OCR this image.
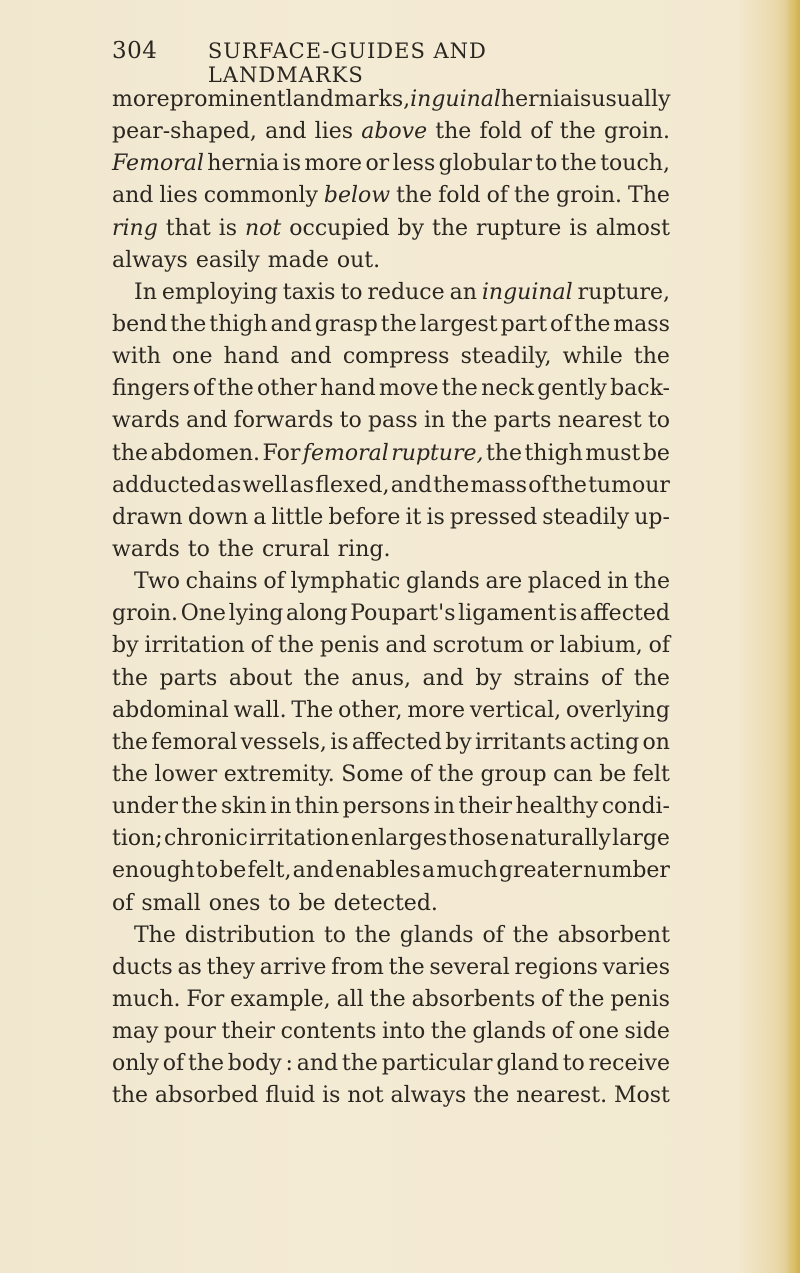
304	SURFACE-GUIDES AND LANDMARKS
more prominent landmarks, inguinal hernia is usually
pear-shaped, and lies above the fold of the groin.
Femoral hernia is more or less globular to the touch,
and lies commonly below the fold of the groin. The
ring that is not occupied by the rupture is almost
always easily made out.
In employing taxis to reduce an inguinal rupture,
bend the thigh and grasp the largest part of the mass
with one hand and compress steadily, while the
fingers of the other hand move the neck gently back-
wards and forwards to pass in the parts nearest to
the abdomen. For femoral rupture, the thigh must be
adducted as well as flexed, and the mass of the tumour
drawn down a little before it is pressed steadily up-
wards to the crural ring.
Two chains of lymphatic glands are placed in the
groin. One lying along Poupart's ligament is affected
by irritation of the penis and scrotum or labium, of
the parts about the anus, and by strains of the
abdominal wall. The other, more vertical, overlying
the femoral vessels, is affected by irritants acting on
the lower extremity. Some of the group can be felt
under the skin in thin persons in their healthy condi-
tion; chronic irritation enlarges those naturally large
enough to be felt, and enables a much greater number
of small ones to be detected.
The distribution to the glands of the absorbent
ducts as they arrive from the several regions varies
much. For example, all the absorbents of the penis
may pour their contents into the glands of one side
only of the body : and the particular gland to receive
the absorbed fluid is not always the nearest. Most
